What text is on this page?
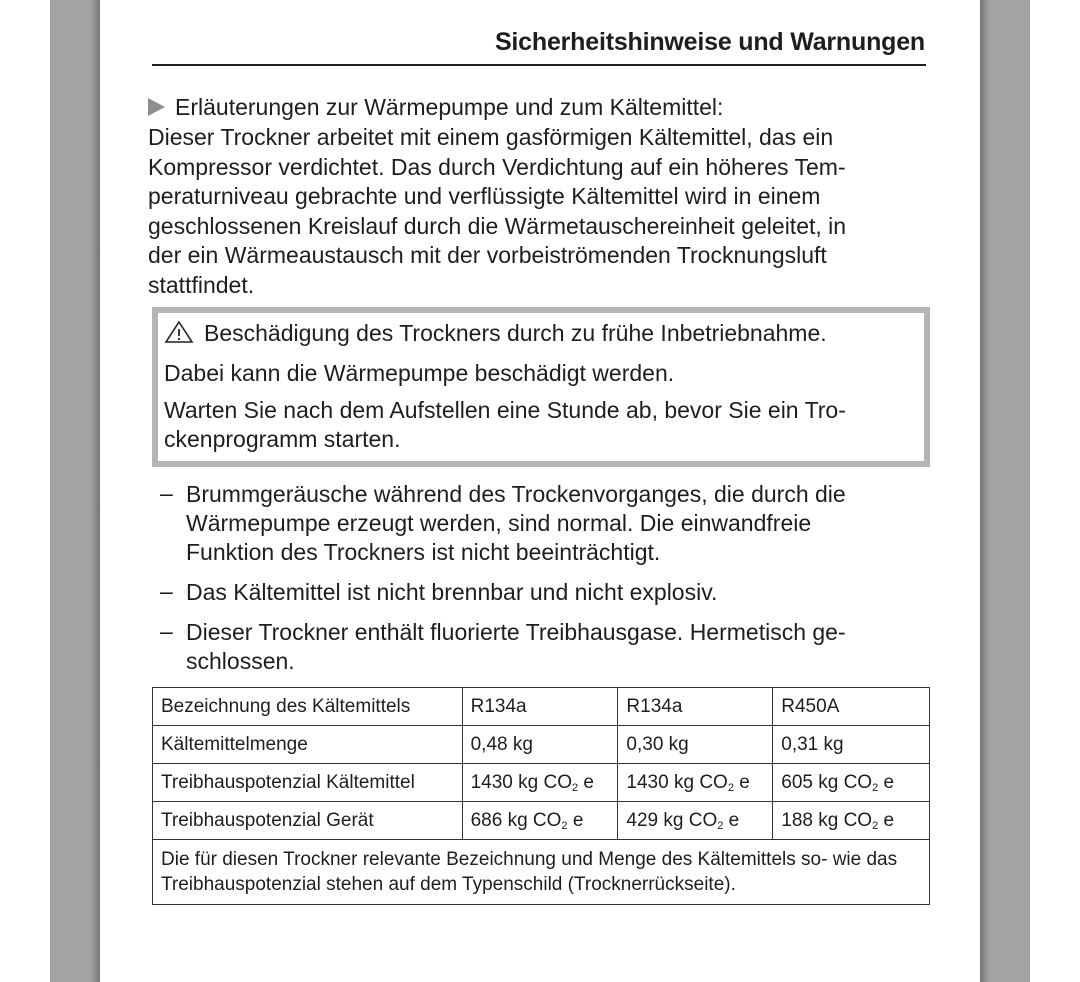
Sicherheitshinweise und Warnungen
Erläuterungen zur Wärmepumpe und zum Kältemittel:
Dieser Trockner arbeitet mit einem gasförmigen Kältemittel, das ein
Kompressor verdichtet. Das durch Verdichtung auf ein höheres Tem-
peraturniveau gebrachte und verflüssigte Kältemittel wird in einem
geschlossenen Kreislauf durch die Wärmetauschereinheit geleitet, in
der ein Wärmeaustausch mit der vorbeiströmenden Trocknungsluft
stattfindet.
Beschädigung des Trockners durch zu frühe Inbetriebnahme.
Dabei kann die Wärmepumpe beschädigt werden.
Warten Sie nach dem Aufstellen eine Stunde ab, bevor Sie ein Tro-
ckenprogramm starten.
– Brummgeräusche während des Trockenvorganges, die durch die
Wärmepumpe erzeugt werden, sind normal. Die einwandfreie
Funktion des Trockners ist nicht beeinträchtigt.
– Das Kältemittel ist nicht brennbar und nicht explosiv.
– Dieser Trockner enthält fluorierte Treibhausgase. Hermetisch ge-
schlossen.
Bezeichnung des Kältemittels	R134a	R134a	R450A
Kältemittelmenge	0,48 kg	0,30 kg	0,31 kg
Treibhauspotenzial Kältemittel	1430 kg $CO_2$ e	1430 kg $CO_2$ e	605 kg $CO_2$ e
Treibhauspotenzial Gerät	686 kg $CO_2$ e	429 kg $CO_2$ e	188 kg $CO_2$ e
Die für diesen Trockner relevante Bezeichnung und Menge des Kältemittels so- wie das Treibhauspotenzial stehen auf dem Typenschild (Trocknerrückseite).			
